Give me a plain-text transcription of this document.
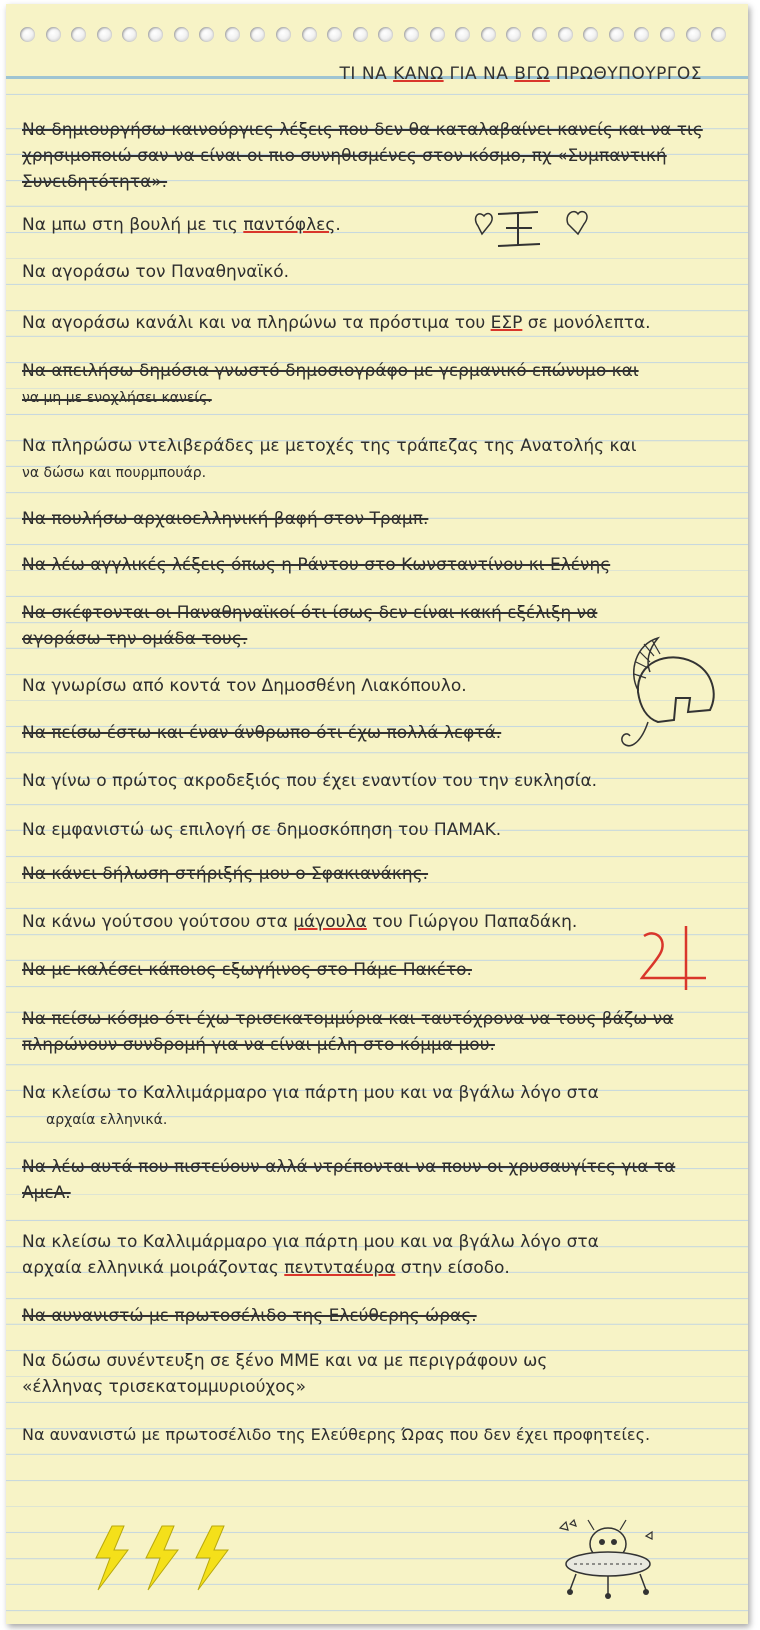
ΤΙ ΝΑ ΚΑΝΩ ΓΙΑ ΝΑ ΒΓΩ ΠΡΩΘΥΠΟΥΡΓΟΣ
Να δημιουργήσω καινούργιες λέξεις που δεν θα καταλαβαίνει κανείς και να τις χρησιμοποιώ σαν να είναι οι πιο συνηθισμένες στον κόσμο, πχ «Συμπαντική Συνειδητότητα».
Να μπω στη βουλή με τις παντόφλες.
Να αγοράσω τον Παναθηναϊκό.
Να αγοράσω κανάλι και να πληρώνω τα πρόστιμα του ΕΣΡ σε μονόλεπτα.
Να απειλήσω δημόσια γνωστό δημοσιογράφο με γερμανικό επώνυμο και
να μη με ενοχλήσει κανείς.
Να πληρώσω ντελιβεράδες με μετοχές της τράπεζας της Ανατολής και
να δώσω και πουρμπουάρ.
Να πουλήσω αρχαιοελληνική βαφή στον Τραμπ.
Να λέω αγγλικές λέξεις όπως η Ράντου στο Κωνσταντίνου κι Ελένης
Να σκέφτονται οι Παναθηναϊκοί ότι ίσως δεν είναι κακή εξέλιξη να αγοράσω την ομάδα τους.
Να γνωρίσω από κοντά τον Δημοσθένη Λιακόπουλο.
Να πείσω έστω και έναν άνθρωπο ότι έχω πολλά λεφτά.
Να γίνω ο πρώτος ακροδεξιός που έχει εναντίον του την ευκλησία.
Να εμφανιστώ ως επιλογή σε δημοσκόπηση του ΠΑΜΑΚ.
Να κάνει δήλωση στήριξής μου ο Σφακιανάκης.
Να κάνω γούτσου γούτσου στα μάγουλα του Γιώργου Παπαδάκη.
Να με καλέσει κάποιος εξωγήινος στο Πάμε Πακέτο.
Να πείσω κόσμο ότι έχω τρισεκατομμύρια και ταυτόχρονα να τους βάζω να πληρώνουν συνδρομή για να είναι μέλη στο κόμμα μου.
Να κλείσω το Καλλιμάρμαρο για πάρτη μου και να βγάλω λόγο στα
αρχαία ελληνικά.
Να λέω αυτά που πιστεύουν αλλά ντρέπονται να πουν οι χρυσαυγίτες για τα ΑμεΑ.
Να κλείσω το Καλλιμάρμαρο για πάρτη μου και να βγάλω λόγο στα
αρχαία ελληνικά μοιράζοντας πεντνταέυρα στην είσοδο.
Να αυνανιστώ με πρωτοσέλιδο της Ελεύθερης ώρας.
Να δώσω συνέντευξη σε ξένο ΜΜΕ και να με περιγράφουν ως
«έλληνας τρισεκατομμυριούχος»
Να αυνανιστώ με πρωτοσέλιδο της Ελεύθερης Ώρας που δεν έχει προφητείες.
